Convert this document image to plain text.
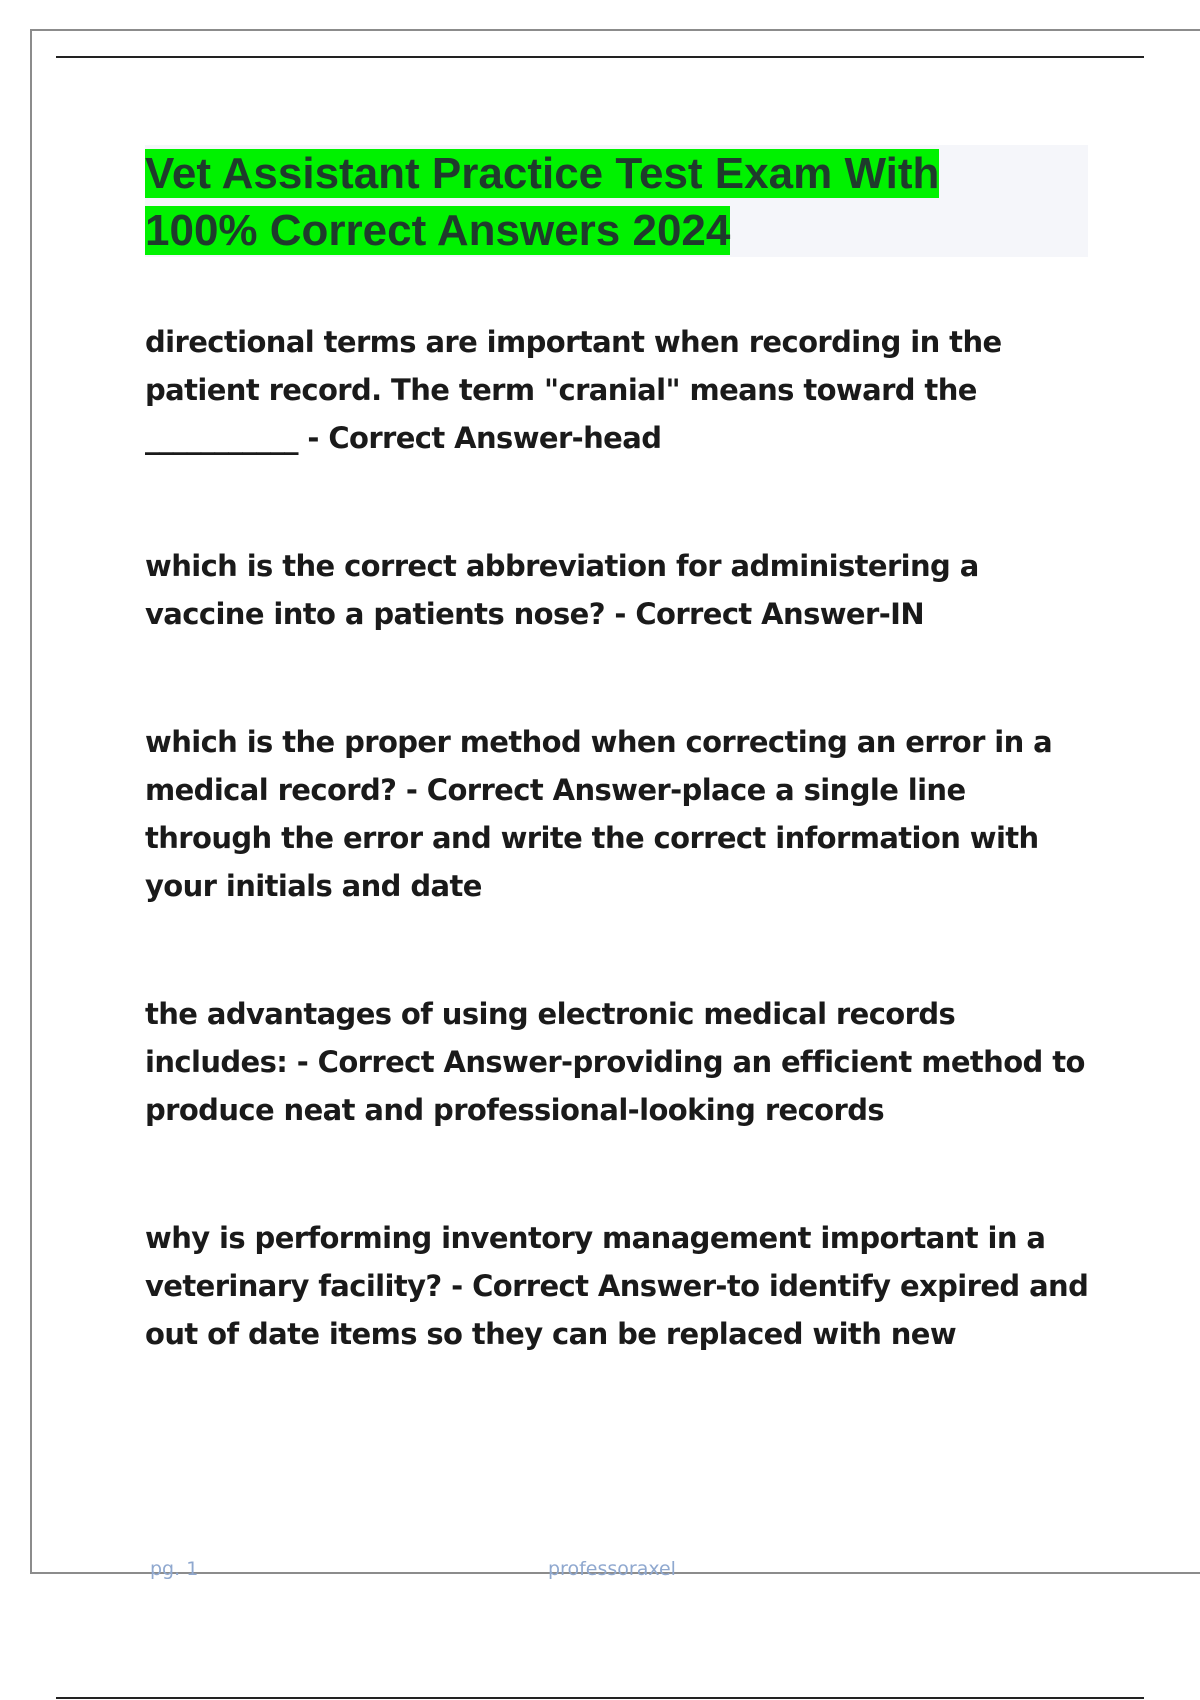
Vet Assistant Practice Test Exam With 100% Correct Answers 2024

directional terms are important when recording in the patient record. The term "cranial" means toward the ___________ - Correct Answer-head

which is the correct abbreviation for administering a vaccine into a patients nose? - Correct Answer-IN

which is the proper method when correcting an error in a medical record? - Correct Answer-place a single line through the error and write the correct information with your initials and date

the advantages of using electronic medical records includes: - Correct Answer-providing an efficient method to produce neat and professional-looking records

why is performing inventory management important in a veterinary facility? - Correct Answer-to identify expired and out of date items so they can be replaced with new

pg. 1	professoraxel
